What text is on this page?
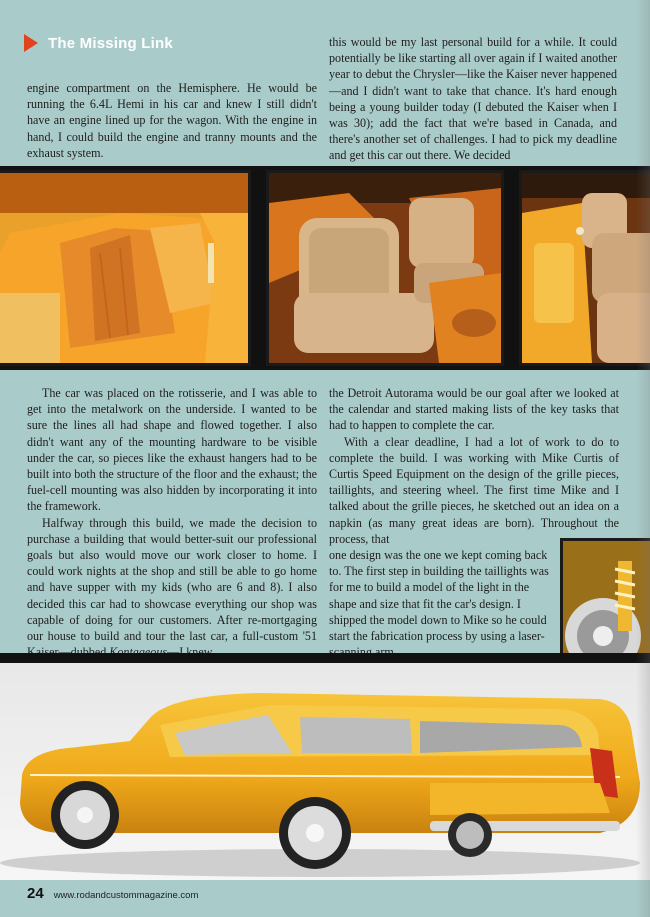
The Missing Link

engine compartment on the Hemisphere. He would be running the 6.4L Hemi in his car and knew I still didn't have an engine lined up for the wagon. With the engine in hand, I could build the engine and tranny mounts and the exhaust system.

this would be my last personal build for a while. It could potentially be like starting all over again if I waited another year to debut the Chrysler—like the Kaiser never happened—and I didn't want to take that chance. It's hard enough being a young builder today (I debuted the Kaiser when I was 30); add the fact that we're based in Canada, and there's another set of challenges. I had to pick my deadline and get this car out there. We decided

The car was placed on the rotisserie, and I was able to get into the metalwork on the underside. I wanted to be sure the lines all had shape and flowed together. I also didn't want any of the mounting hardware to be visible under the car, so pieces like the exhaust hangers had to be built into both the structure of the floor and the exhaust; the fuel-cell mounting was also hidden by incorporating it into the framework.

Halfway through this build, we made the decision to purchase a building that would better-suit our professional goals but also would move our work closer to home. I could work nights at the shop and still be able to go home and have supper with my kids (who are 6 and 8). I also decided this car had to showcase everything our shop was capable of doing for our customers. After re-mortgaging our house to build and tour the last car, a full-custom '51

the Detroit Autorama would be our goal after we looked at the calendar and started making lists of the key tasks that had to happen to complete the car.

With a clear deadline, I had a lot of work to do to complete the build. I was working with Mike Curtis of Curtis Speed Equipment on the design of the grille pieces, taillights, and steering wheel. The first time Mike and I talked about the grille pieces, he sketched out an idea on a napkin (as many great ideas are born). Throughout the process, that

one design was the one we kept coming back to. The first step in building the taillights was for me to build a model of the light in the shape and size that fit the car's design. I shipped the model down to Mike so he could start the fabrication process by using a laser-

24 www.rodandcustommagazine.com
